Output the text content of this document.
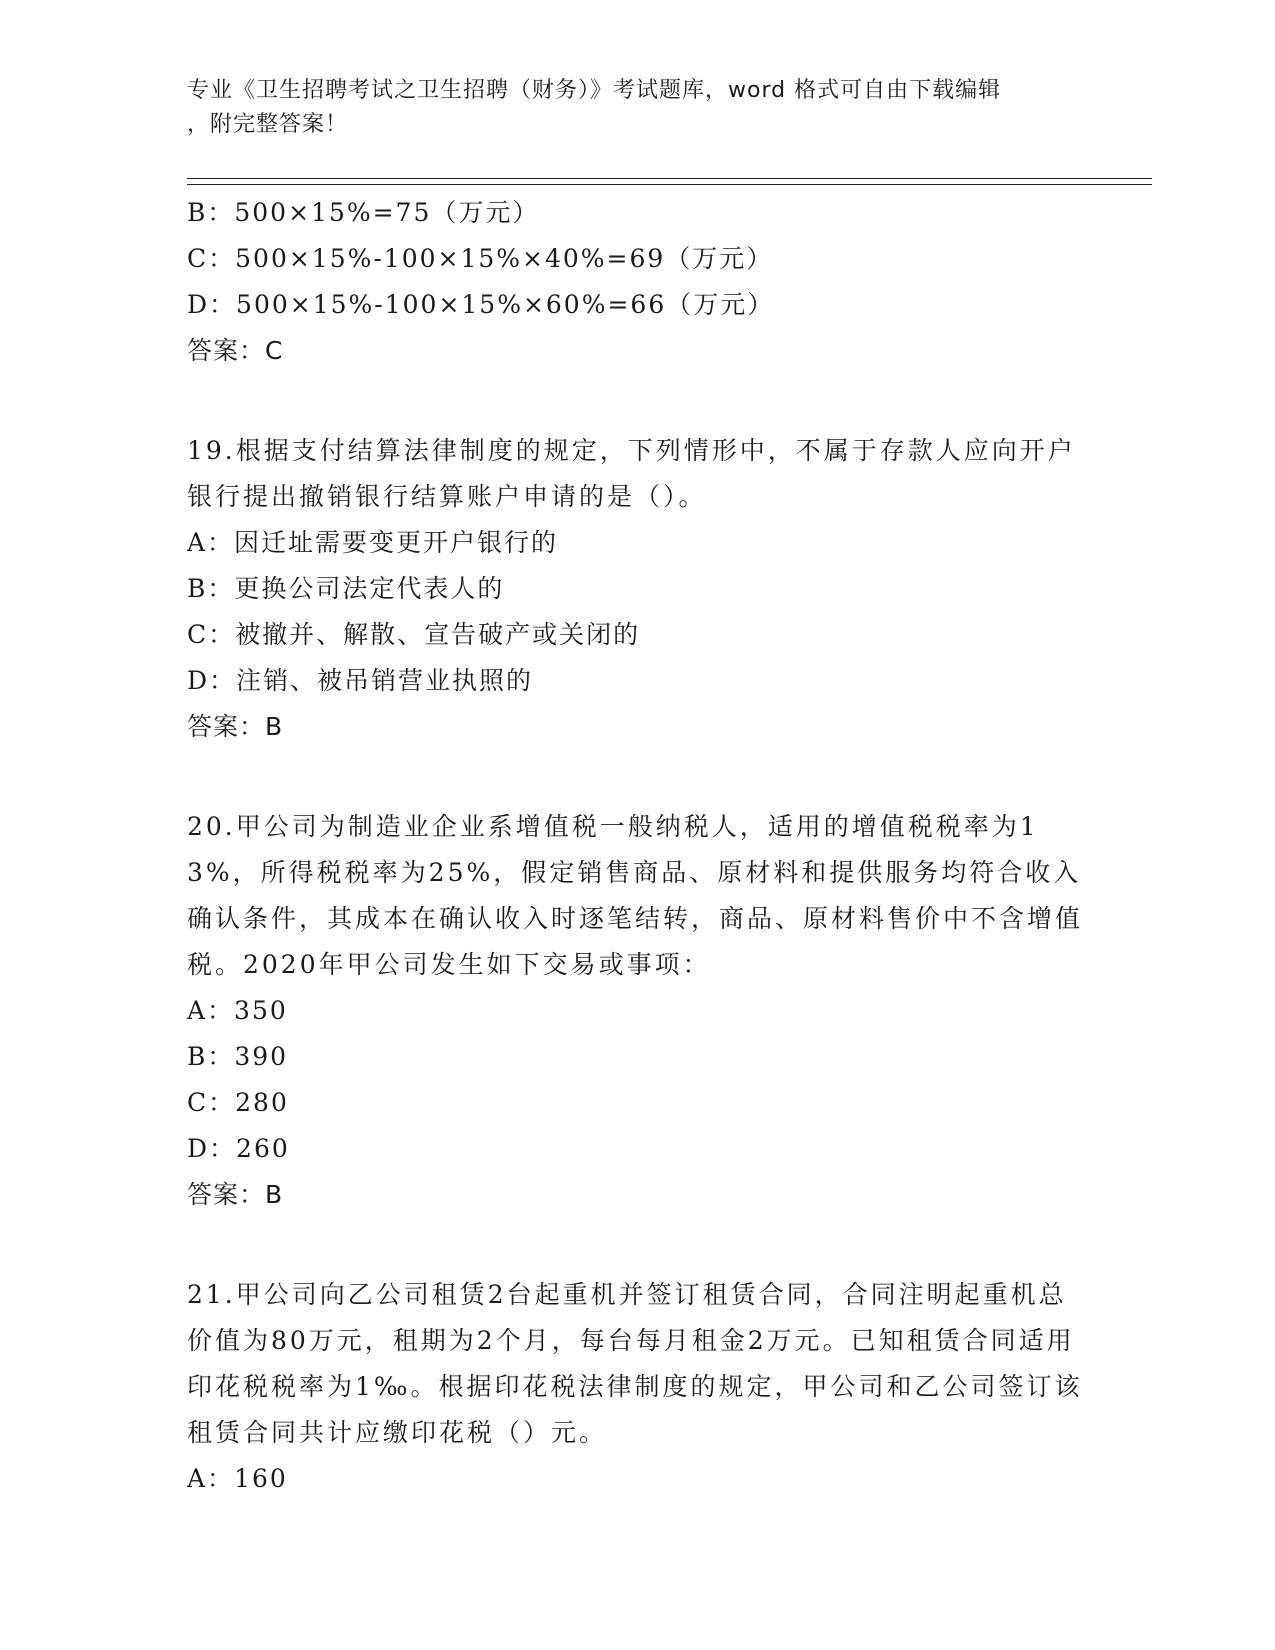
专业《卫生招聘考试之卫生招聘（财务）》考试题库，word 格式可自由下载编辑
，附完整答案！
B：500×15%=75（万元）
C：500×15%-100×15%×40%=69（万元）
D：500×15%-100×15%×60%=66（万元）
答案：C
19.根据支付结算法律制度的规定，下列情形中，不属于存款人应向开户银行提出撤销银行结算账户申请的是（）。
A：因迁址需要变更开户银行的
B：更换公司法定代表人的
C：被撤并、解散、宣告破产或关闭的
D：注销、被吊销营业执照的
答案：B
20.甲公司为制造业企业系增值税一般纳税人，适用的增值税税率为13%，所得税税率为25%，假定销售商品、原材料和提供服务均符合收入确认条件，其成本在确认收入时逐笔结转，商品、原材料售价中不含增值税。2020年甲公司发生如下交易或事项：
A：350
B：390
C：280
D：260
答案：B
21.甲公司向乙公司租赁2台起重机并签订租赁合同，合同注明起重机总价值为80万元，租期为2个月，每台每月租金2万元。已知租赁合同适用印花税税率为1‰。根据印花税法律制度的规定，甲公司和乙公司签订该租赁合同共计应缴印花税（）元。
A：160
